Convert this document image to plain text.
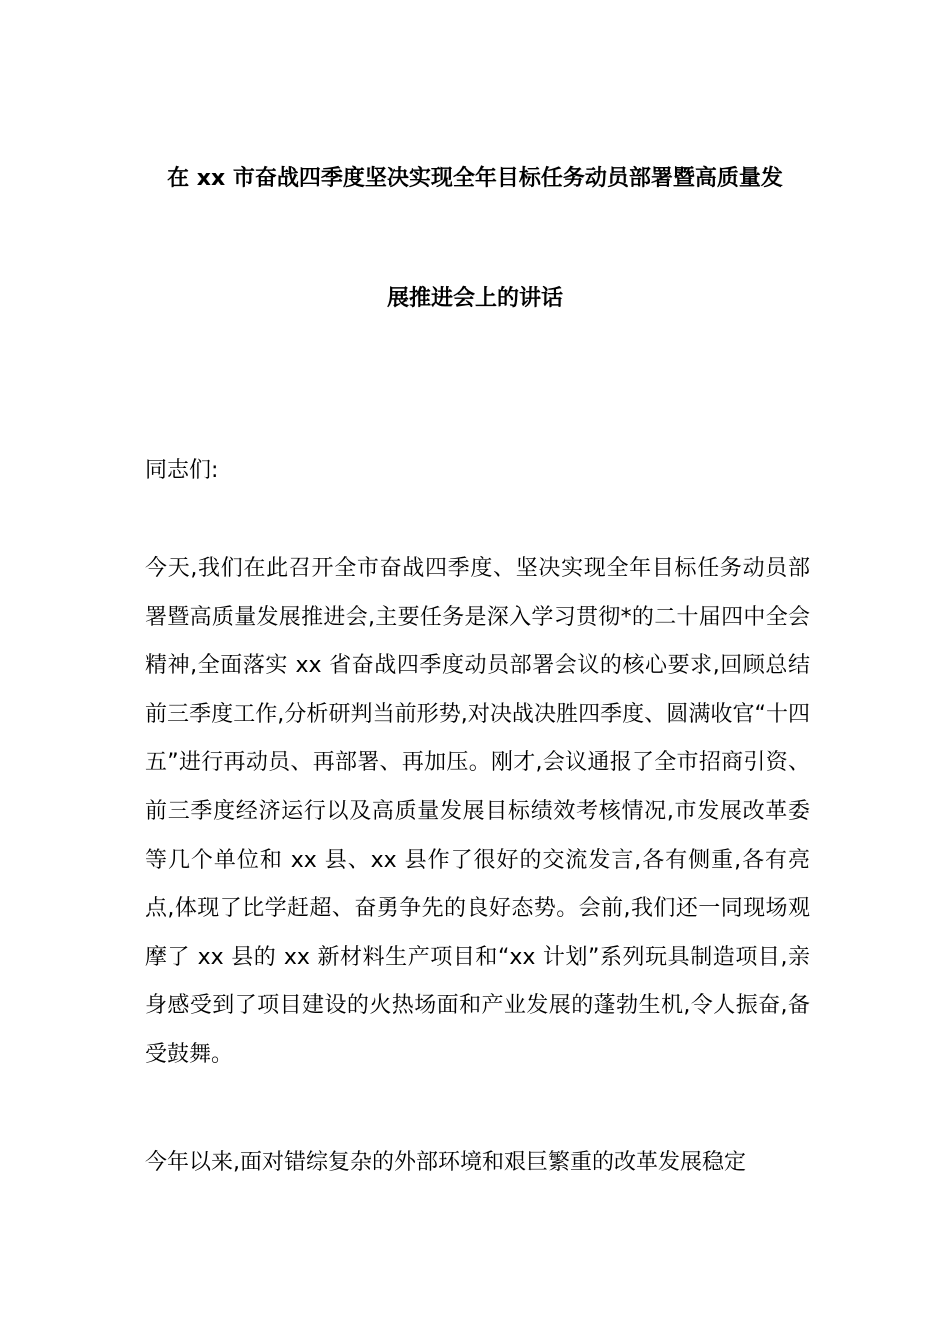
在 xx 市奋战四季度坚决实现全年目标任务动员部署暨高质量发
展推进会上的讲话
同志们:
今天,我们在此召开全市奋战四季度、坚决实现全年目标任务动员部署暨高质量发展推进会,主要任务是深入学习贯彻*的二十届四中全会精神,全面落实 xx 省奋战四季度动员部署会议的核心要求,回顾总结前三季度工作,分析研判当前形势,对决战决胜四季度、圆满收官“十四五”进行再动员、再部署、再加压。刚才,会议通报了全市招商引资、前三季度经济运行以及高质量发展目标绩效考核情况,市发展改革委等几个单位和 xx 县、xx 县作了很好的交流发言,各有侧重,各有亮点,体现了比学赶超、奋勇争先的良好态势。会前,我们还一同现场观摩了 xx 县的 xx 新材料生产项目和“xx 计划”系列玩具制造项目,亲身感受到了项目建设的火热场面和产业发展的蓬勃生机,令人振奋,备受鼓舞。
今年以来,面对错综复杂的外部环境和艰巨繁重的改革发展稳定
